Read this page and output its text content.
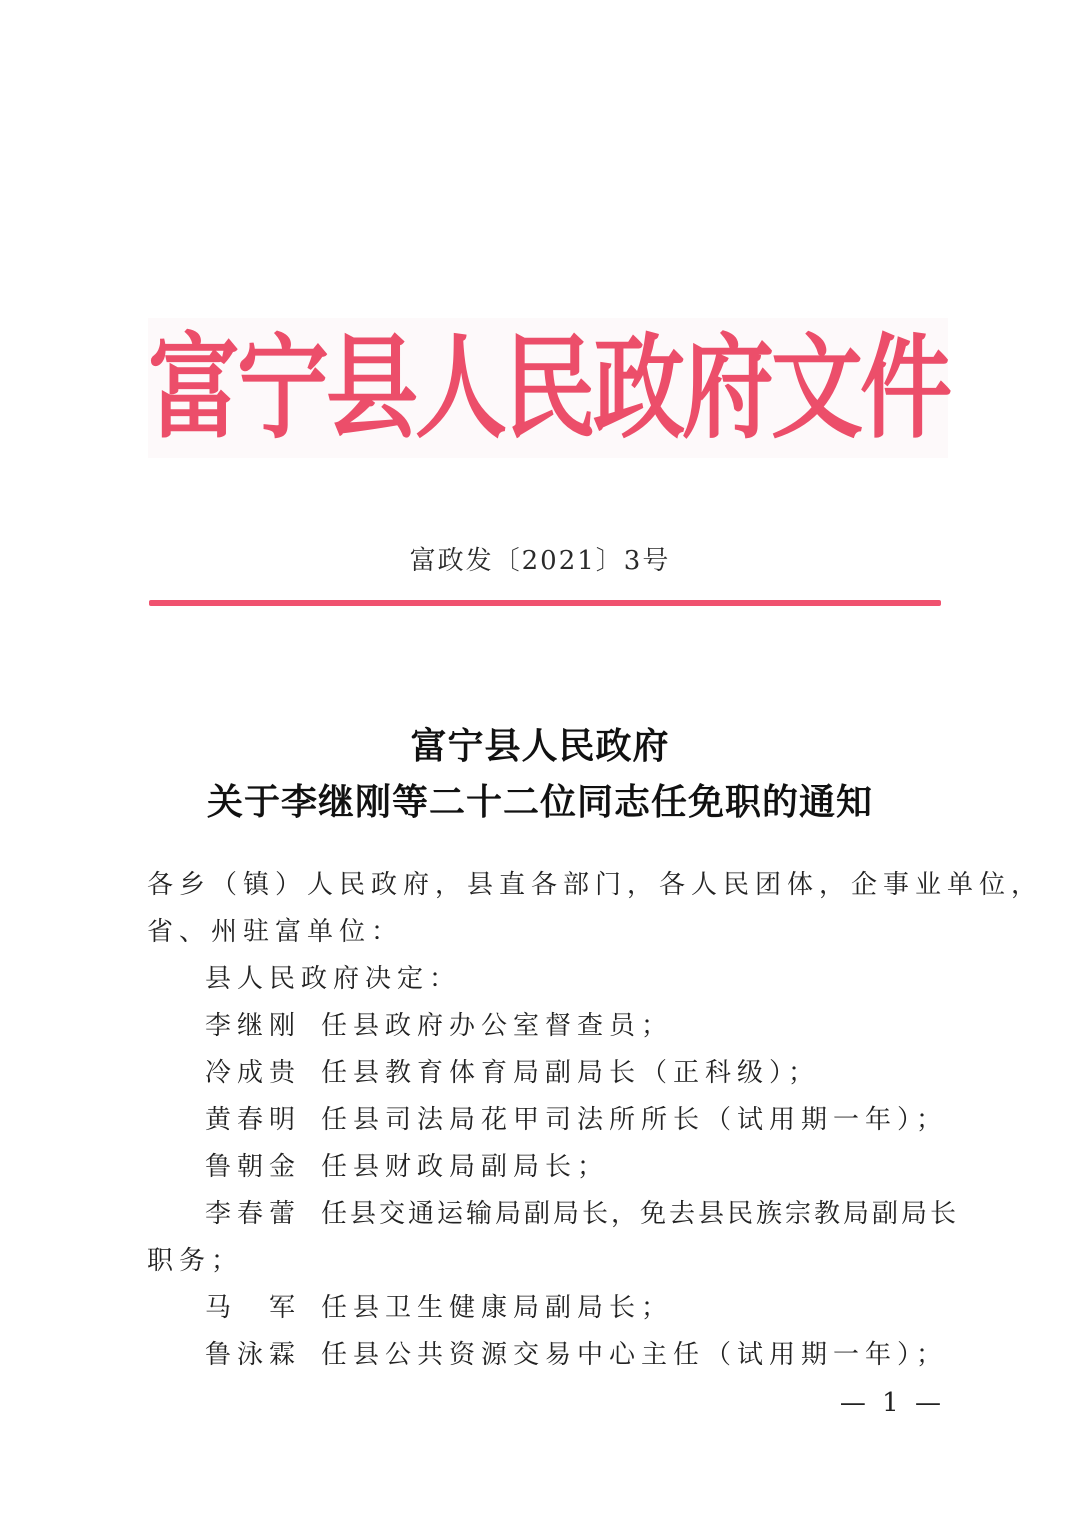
富
宁
县
人
民
政
府
文
件
富政发〔2021〕3号
富宁县人民政府
关于李继刚等二十二位同志任免职的通知
各乡（镇）人民政府，县直各部门，各人民团体，企事业单位，
省、州驻富单位：
县人民政府决定：
李继刚 任县政府办公室督查员；
冷成贵 任县教育体育局副局长（正科级）；
黄春明 任县司法局花甲司法所所长（试用期一年）；
鲁朝金 任县财政局副局长；
李春蕾 任县交通运输局副局长，免去县民族宗教局副局长
职务；
马　军 任县卫生健康局副局长；
鲁泳霖 任县公共资源交易中心主任（试用期一年）；
— 1 —
